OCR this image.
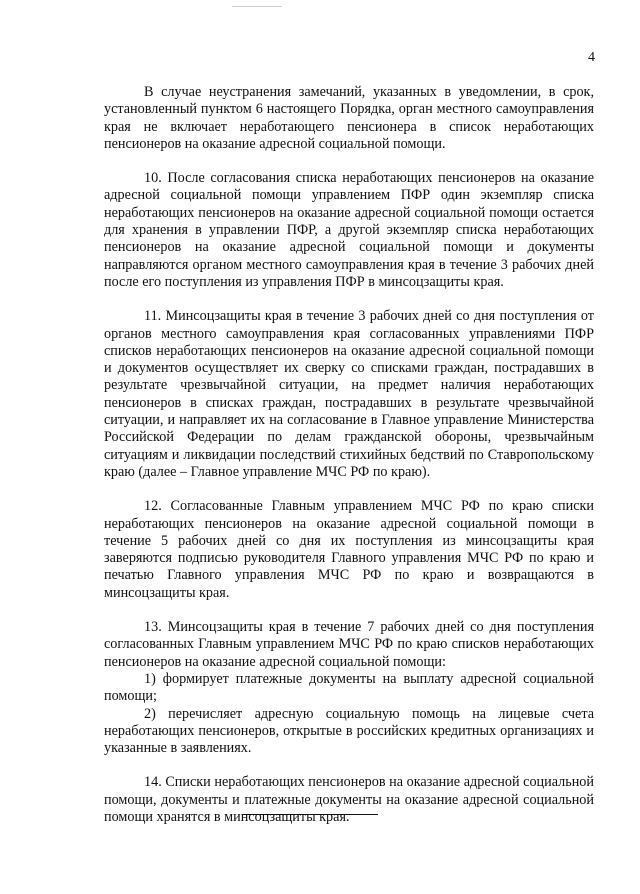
4

В случае неустранения замечаний, указанных в уведомлении, в срок, установленный пунктом 6 настоящего Порядка, орган местного самоуправления края не включает неработающего пенсионера в список неработающих пенсионеров на оказание адресной социальной помощи.

10. После согласования списка неработающих пенсионеров на оказание адресной социальной помощи управлением ПФР один экземпляр списка неработающих пенсионеров на оказание адресной социальной помощи остается для хранения в управлении ПФР, а другой экземпляр списка неработающих пенсионеров на оказание адресной социальной помощи и документы направляются органом местного самоуправления края в течение 3 рабочих дней после его поступления из управления ПФР в минсоцзащиты края.

11. Минсоцзащиты края в течение 3 рабочих дней со дня поступления от органов местного самоуправления края согласованных управлениями ПФР списков неработающих пенсионеров на оказание адресной социальной помощи и документов осуществляет их сверку со списками граждан, пострадавших в результате чрезвычайной ситуации, на предмет наличия неработающих пенсионеров в списках граждан, пострадавших в результате чрезвычайной ситуации, и направляет их на согласование в Главное управление Министерства Российской Федерации по делам гражданской обороны, чрезвычайным ситуациям и ликвидации последствий стихийных бедствий по Ставропольскому краю (далее – Главное управление МЧС РФ по краю).

12. Согласованные Главным управлением МЧС РФ по краю списки неработающих пенсионеров на оказание адресной социальной помощи в течение 5 рабочих дней со дня их поступления из минсоцзащиты края заверяются подписью руководителя Главного управления МЧС РФ по краю и печатью Главного управления МЧС РФ по краю и возвращаются в минсоцзащиты края.

13. Минсоцзащиты края в течение 7 рабочих дней со дня поступления согласованных Главным управлением МЧС РФ по краю списков неработающих пенсионеров на оказание адресной социальной помощи:

1) формирует платежные документы на выплату адресной социальной помощи;

2) перечисляет адресную социальную помощь на лицевые счета неработающих пенсионеров, открытые в российских кредитных организациях и указанные в заявлениях.

14. Списки неработающих пенсионеров на оказание адресной социальной помощи, документы и платежные документы на оказание адресной социальной помощи хранятся в минсоцзащиты края.
